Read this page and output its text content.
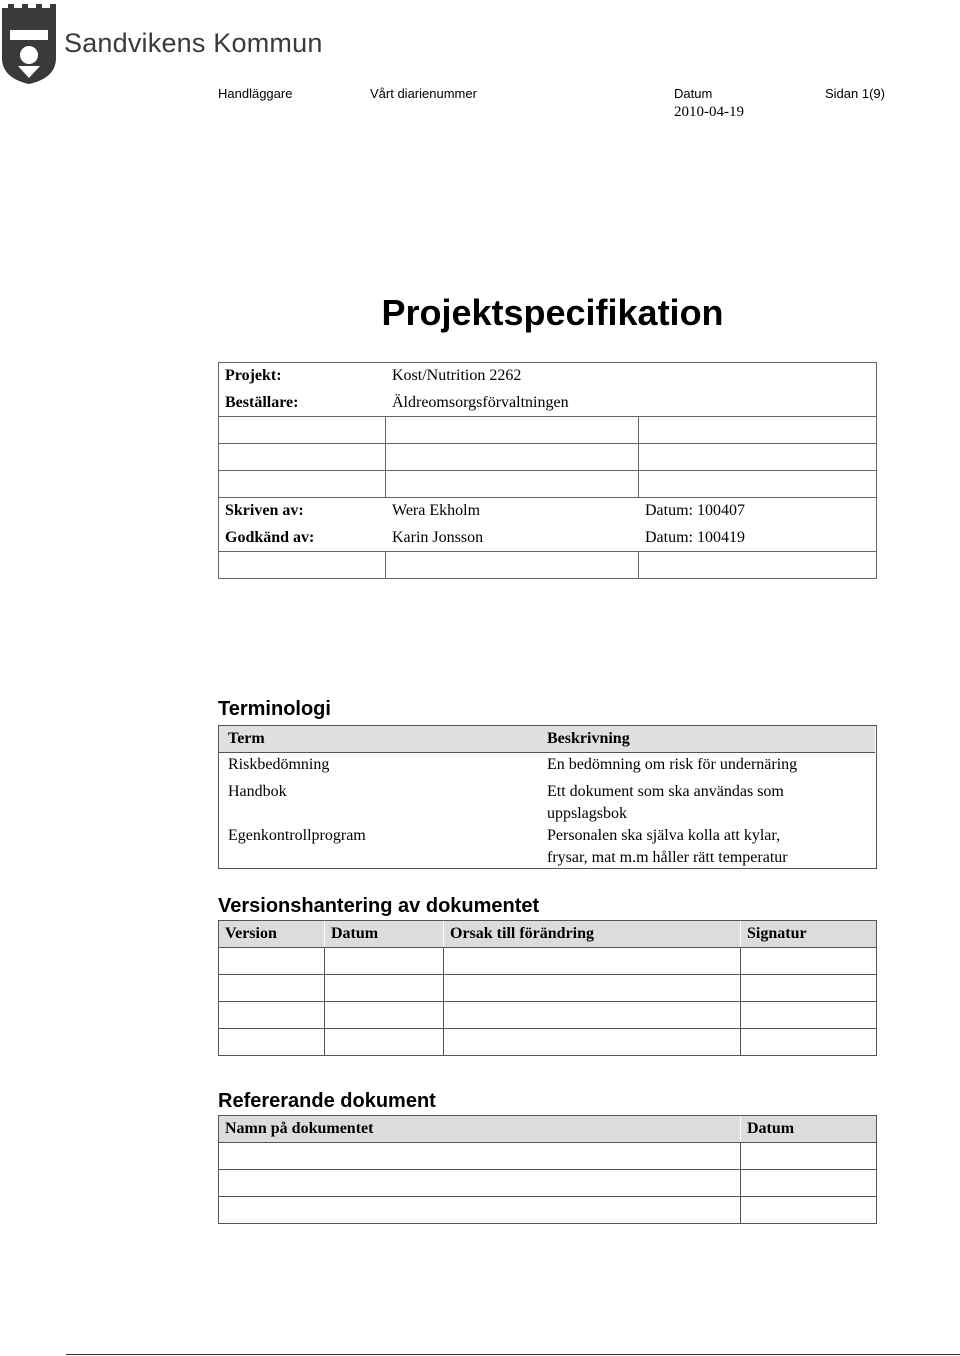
Sandvikens Kommun
Handläggare	Vårt diarienummer	Datum	Sidan 1(9)
2010-04-19
Projektspecifikation
Projekt:	Kost/Nutrition 2262	
Beställare:	Äldreomsorgsförvaltningen	

Skriven av:	Wera Ekholm	Datum: 100407
Godkänd av:	Karin Jonsson	Datum: 100419

Terminologi
Term	Beskrivning
Riskbedömning	En bedömning om risk för undernäring
Handbok	Ett dokument som ska användas som
uppslagsbok
Egenkontrollprogram	Personalen ska själva kolla att kylar,
frysar, mat m.m håller rätt temperatur
Versionshantering av dokumentet
Version	Datum	Orsak till förändring	Signatur

Refererande dokument
Namn på dokumentet	Datum
